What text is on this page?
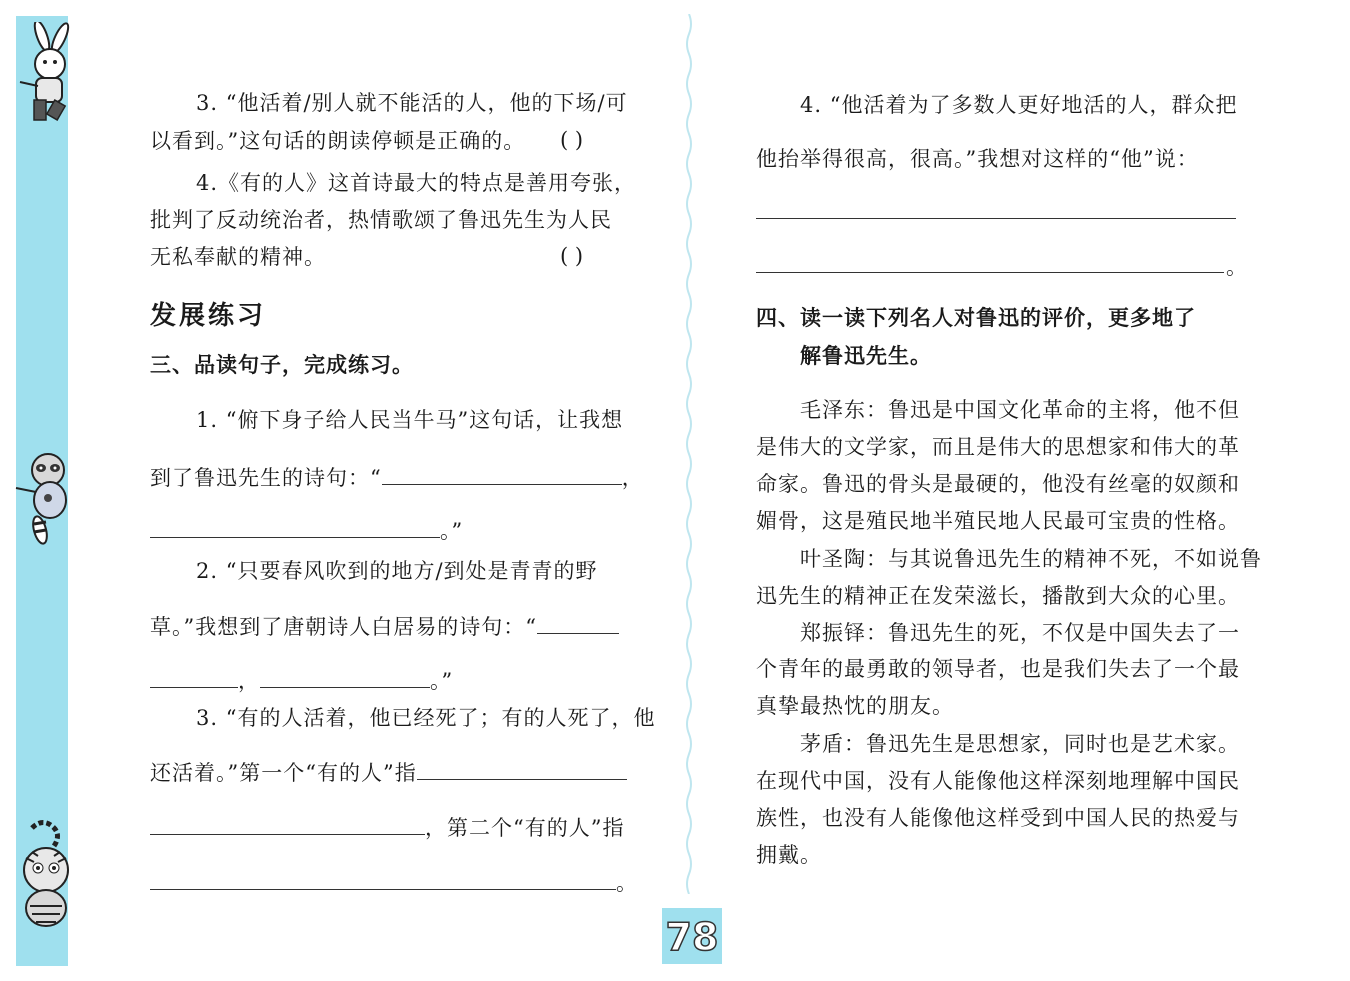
78
3. “他活着/别人就不能活的人，他的下场/可
以看到。”这句话的朗读停顿是正确的。 ( )
4.《有的人》这首诗最大的特点是善用夸张，
批判了反动统治者，热情歌颂了鲁迅先生为人民
无私奉献的精神。	( )
发展练习
三、品读句子，完成练习。
1. “俯下身子给人民当牛马”这句话，让我想
到了鲁迅先生的诗句：“	，
。”
2. “只要春风吹到的地方/到处是青青的野
草。”我想到了唐朝诗人白居易的诗句：“
，	。”
3. “有的人活着，他已经死了；有的人死了，他
还活着。”第一个“有的人”指
，第二个“有的人”指
。
4. “他活着为了多数人更好地活的人，群众把
他抬举得很高，很高。”我想对这样的“他”说：
。
四、读一读下列名人对鲁迅的评价，更多地了
解鲁迅先生。
毛泽东：鲁迅是中国文化革命的主将，他不但
是伟大的文学家，而且是伟大的思想家和伟大的革
命家。鲁迅的骨头是最硬的，他没有丝毫的奴颜和
媚骨，这是殖民地半殖民地人民最可宝贵的性格。
叶圣陶：与其说鲁迅先生的精神不死，不如说鲁
迅先生的精神正在发荣滋长，播散到大众的心里。
郑振铎：鲁迅先生的死，不仅是中国失去了一
个青年的最勇敢的领导者，也是我们失去了一个最
真挚最热忱的朋友。
茅盾：鲁迅先生是思想家，同时也是艺术家。
在现代中国，没有人能像他这样深刻地理解中国民
族性，也没有人能像他这样受到中国人民的热爱与
拥戴。
